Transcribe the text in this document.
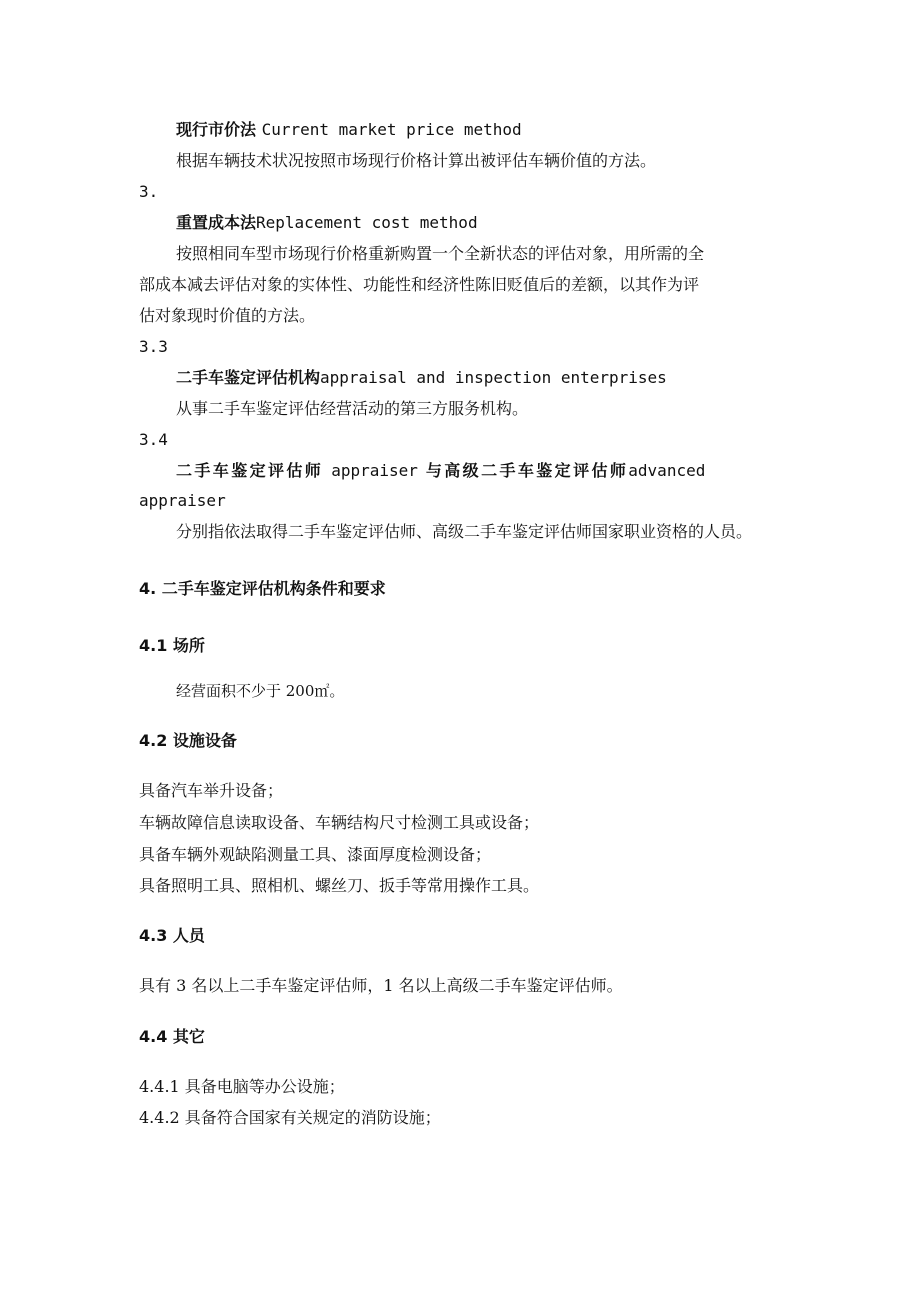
现行市价法 Current market price method
根据车辆技术状况按照市场现行价格计算出被评估车辆价值的方法。
3.
重置成本法Replacement cost method
按照相同车型市场现行价格重新购置一个全新状态的评估对象，用所需的全
部成本减去评估对象的实体性、功能性和经济性陈旧贬值后的差额，以其作为评
估对象现时价值的方法。
3.3
二手车鉴定评估机构appraisal and inspection enterprises
从事二手车鉴定评估经营活动的第三方服务机构。
3.4
二手车鉴定评估师 appraiser 与高级二手车鉴定评估师advanced
appraiser
分别指依法取得二手车鉴定评估师、高级二手车鉴定评估师国家职业资格的人员。
4. 二手车鉴定评估机构条件和要求
4.1 场所
经营面积不少于 200㎡。
4.2 设施设备
具备汽车举升设备；
车辆故障信息读取设备、车辆结构尺寸检测工具或设备；
具备车辆外观缺陷测量工具、漆面厚度检测设备；
具备照明工具、照相机、螺丝刀、扳手等常用操作工具。
4.3 人员
具有 3 名以上二手车鉴定评估师，1 名以上高级二手车鉴定评估师。
4.4 其它
4.4.1 具备电脑等办公设施；
4.4.2 具备符合国家有关规定的消防设施；
